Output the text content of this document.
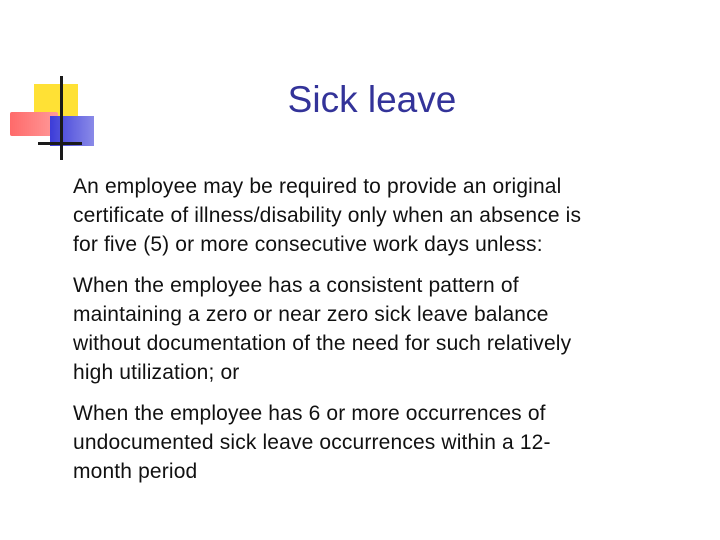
Sick leave

An employee may be required to provide an original
certificate of illness/disability only when an absence is
for five (5) or more consecutive work days unless:

When the employee has a consistent pattern of
maintaining a zero or near zero sick leave balance
without documentation of the need for such relatively
high utilization; or

When the employee has 6 or more occurrences of
undocumented sick leave occurrences within a 12-
month period
